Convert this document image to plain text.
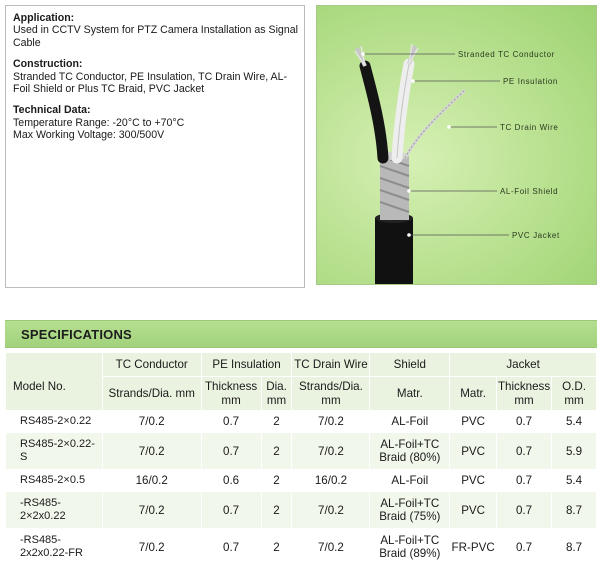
Application:
Used in CCTV System for PTZ Camera Installation as Signal Cable
Construction:
Stranded TC Conductor, PE Insulation, TC Drain Wire, AL-Foil Shield or Plus TC Braid, PVC Jacket
Technical Data:
Temperature Range: -20°C to +70°C
Max Working Voltage: 300/500V
Stranded TC Conductor
PE Insulation
TC Drain Wire
AL-Foil Shield
PVC Jacket
SPECIFICATIONS
Model No.	TC Conductor	PE Insulation		TC Drain Wire	Shield	Jacket		
	Strands/Dia. mm	Thickness mm	Dia. mm	Strands/Dia. mm	Matr.	Matr.	Thickness mm	O.D. mm
RS485-2×0.22	7/0.2	0.7	2	7/0.2	AL-Foil	PVC	0.7	5.4
RS485-2×0.22-S	7/0.2	0.7	2	7/0.2	AL-Foil+TC Braid (80%)	PVC	0.7	5.9
RS485-2×0.5	16/0.2	0.6	2	16/0.2	AL-Foil	PVC	0.7	5.4
-RS485-2×2x0.22	7/0.2	0.7	2	7/0.2	AL-Foil+TC Braid (75%)	PVC	0.7	8.7
-RS485-2x2x0.22-FR	7/0.2	0.7	2	7/0.2	AL-Foil+TC Braid (89%)	FR-PVC	0.7	8.7
